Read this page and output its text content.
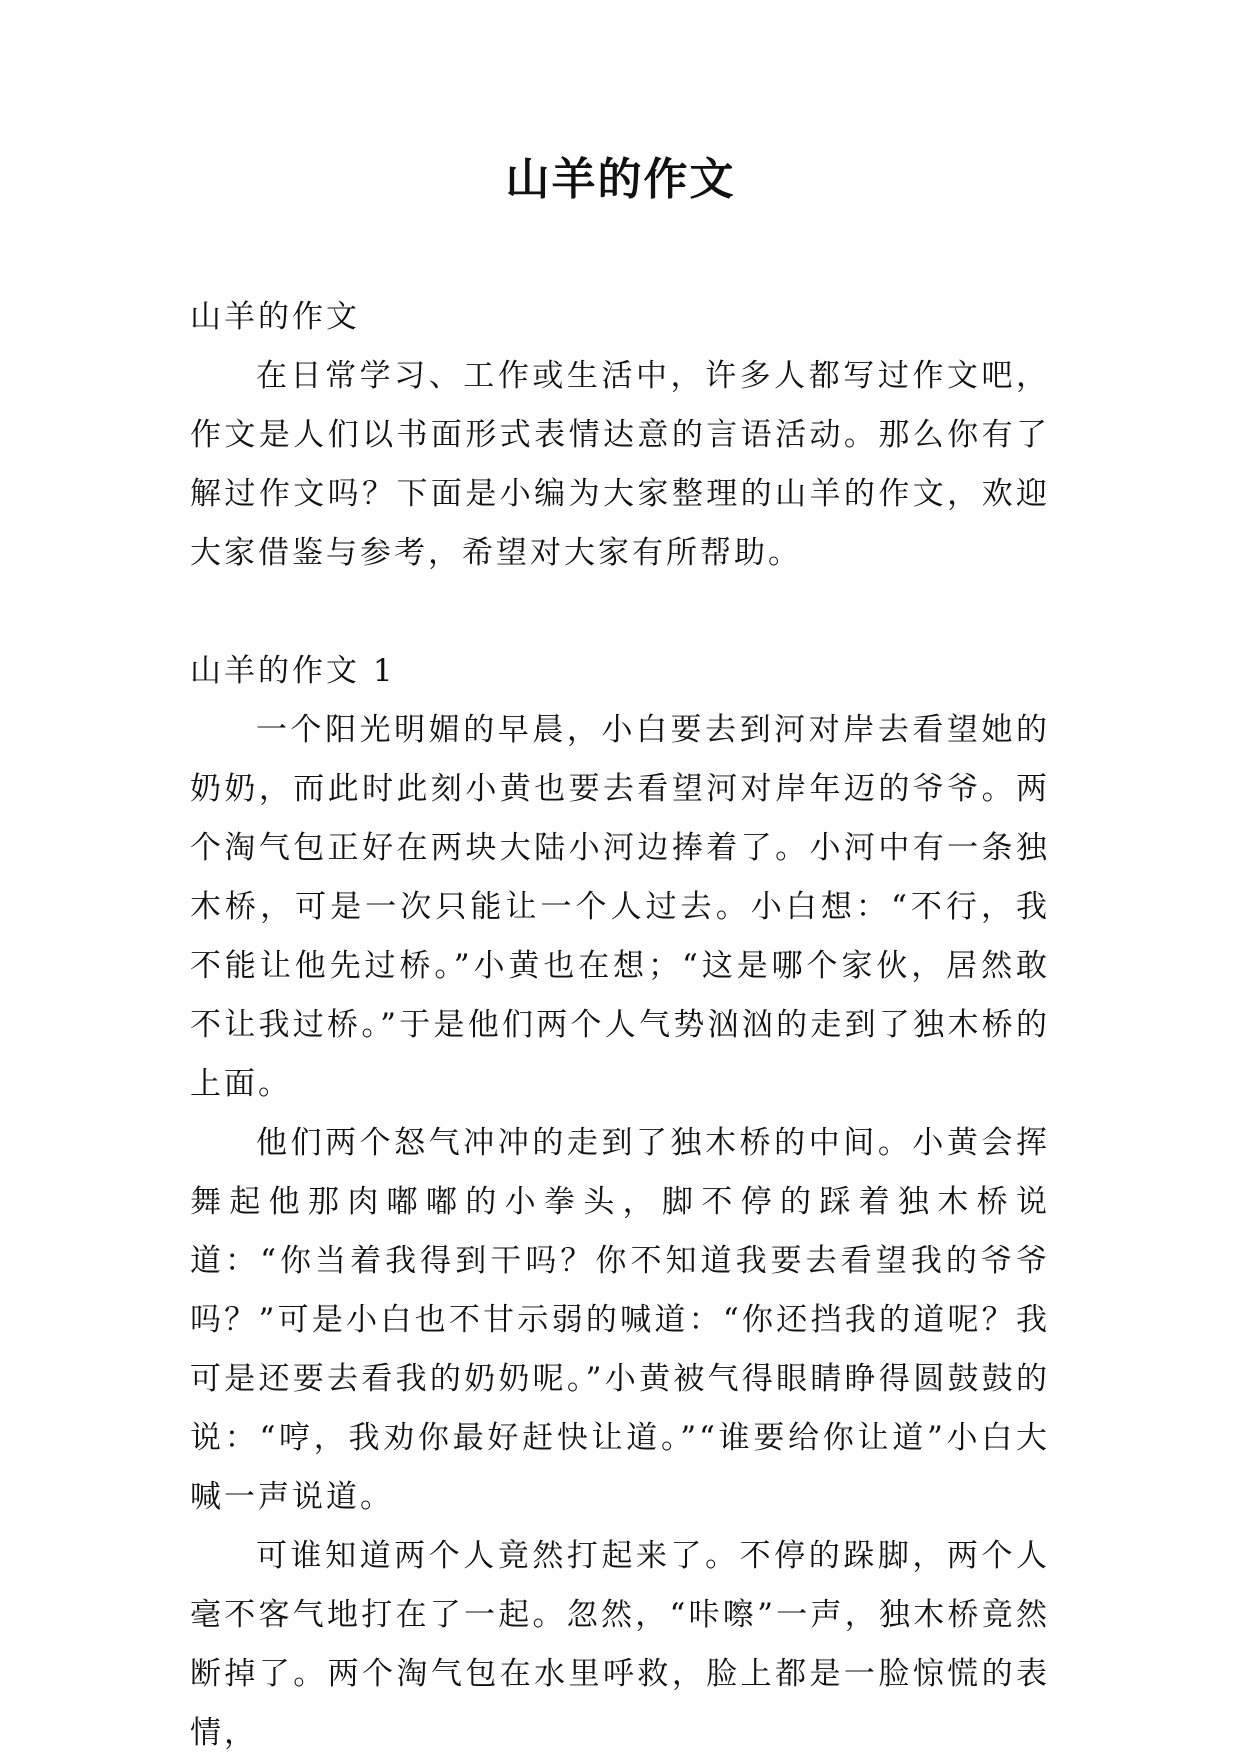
山羊的作文

山羊的作文

在日常学习、工作或生活中，许多人都写过作文吧，作文是人们以书面形式表情达意的言语活动。那么你有了解过作文吗？下面是小编为大家整理的山羊的作文，欢迎大家借鉴与参考，希望对大家有所帮助。

山羊的作文 1

一个阳光明媚的早晨，小白要去到河对岸去看望她的奶奶，而此时此刻小黄也要去看望河对岸年迈的爷爷。两个淘气包正好在两块大陆小河边捧着了。小河中有一条独木桥，可是一次只能让一个人过去。小白想：“不行，我不能让他先过桥。”小黄也在想；“这是哪个家伙，居然敢不让我过桥。”于是他们两个人气势汹汹的走到了独木桥的上面。

他们两个怒气冲冲的走到了独木桥的中间。小黄会挥舞起他那肉嘟嘟的小拳头，脚不停的踩着独木桥说道：“你当着我得到干吗？你不知道我要去看望我的爷爷吗？”可是小白也不甘示弱的喊道：“你还挡我的道呢？我可是还要去看我的奶奶呢。”小黄被气得眼睛睁得圆鼓鼓的说：“哼，我劝你最好赶快让道。”“谁要给你让道”小白大喊一声说道。

可谁知道两个人竟然打起来了。不停的跺脚，两个人毫不客气地打在了一起。忽然，“咔嚓”一声，独木桥竟然断掉了。两个淘气包在水里呼救，脸上都是一脸惊慌的表情，
